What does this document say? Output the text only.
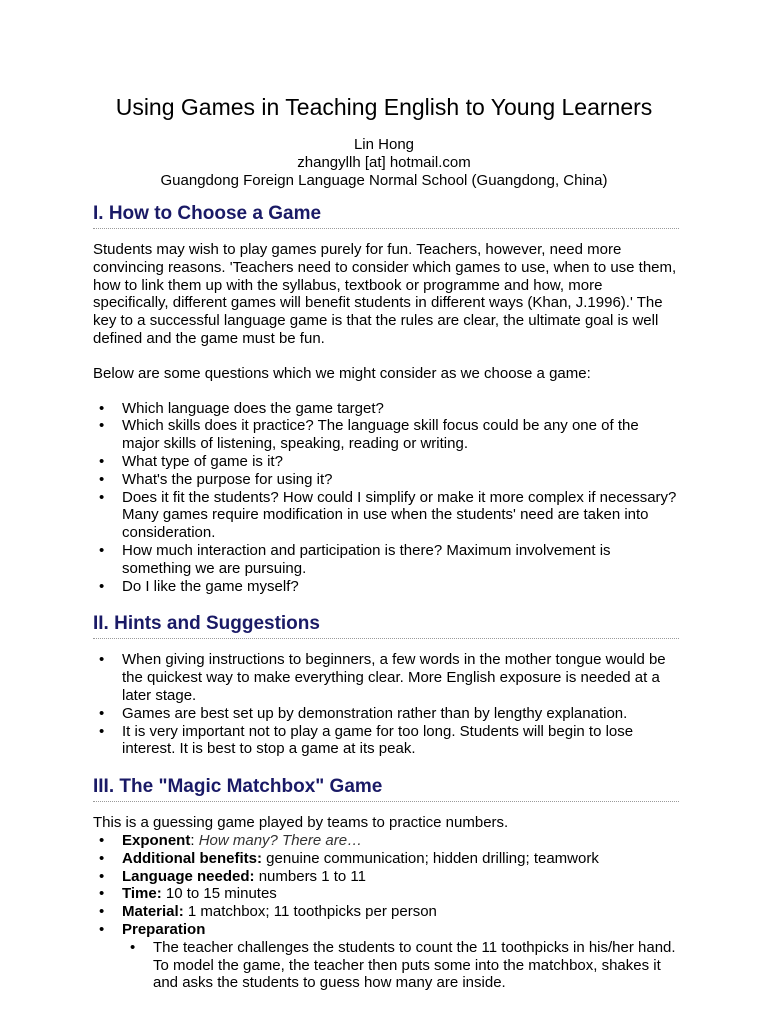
Using Games in Teaching English to Young Learners
Lin Hong
zhangyllh [at] hotmail.com
Guangdong Foreign Language Normal School (Guangdong, China)
I. How to Choose a Game

Students may wish to play games purely for fun. Teachers, however, need more convincing reasons. 'Teachers need to consider which games to use, when to use them, how to link them up with the syllabus, textbook or programme and how, more specifically, different games will benefit students in different ways (Khan, J.1996).' The key to a successful language game is that the rules are clear, the ultimate goal is well defined and the game must be fun.

Below are some questions which we might consider as we choose a game:

• Which language does the game target?
• Which skills does it practice? The language skill focus could be any one of the major skills of listening, speaking, reading or writing.
• What type of game is it?
• What's the purpose for using it?
• Does it fit the students? How could I simplify or make it more complex if necessary? Many games require modification in use when the students' need are taken into consideration.
• How much interaction and participation is there? Maximum involvement is something we are pursuing.
• Do I like the game myself?
II. Hints and Suggestions
• When giving instructions to beginners, a few words in the mother tongue would be the quickest way to make everything clear. More English exposure is needed at a later stage.
• Games are best set up by demonstration rather than by lengthy explanation.
• It is very important not to play a game for too long. Students will begin to lose interest. It is best to stop a game at its peak.
III. The "Magic Matchbox" Game
This is a guessing game played by teams to practice numbers.
• Exponent: How many? There are…
• Additional benefits: genuine communication; hidden drilling; teamwork
• Language needed: numbers 1 to 11
• Time: 10 to 15 minutes
• Material: 1 matchbox; 11 toothpicks per person
• Preparation
• The teacher challenges the students to count the 11 toothpicks in his/her hand. To model the game, the teacher then puts some into the matchbox, shakes it and asks the students to guess how many are inside.
